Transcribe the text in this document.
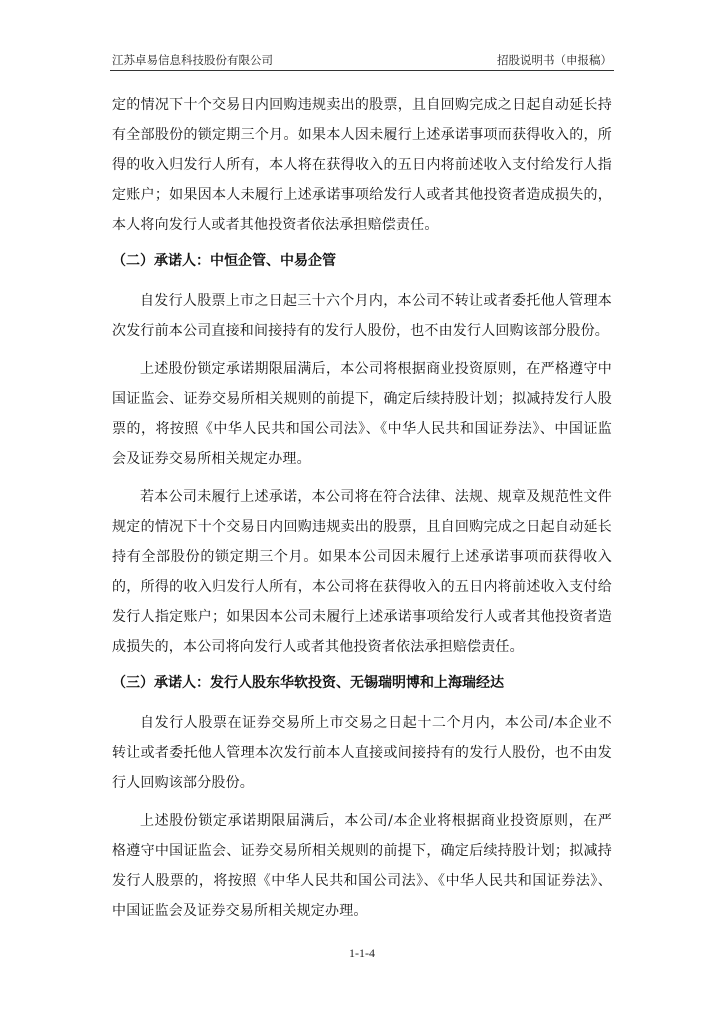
江苏卓易信息科技股份有限公司	招股说明书（申报稿）

定的情况下十个交易日内回购违规卖出的股票，且自回购完成之日起自动延长持有全部股份的锁定期三个月。如果本人因未履行上述承诺事项而获得收入的，所得的收入归发行人所有，本人将在获得收入的五日内将前述收入支付给发行人指定账户；如果因本人未履行上述承诺事项给发行人或者其他投资者造成损失的，本人将向发行人或者其他投资者依法承担赔偿责任。

（二）承诺人：中恒企管、中易企管

自发行人股票上市之日起三十六个月内，本公司不转让或者委托他人管理本次发行前本公司直接和间接持有的发行人股份，也不由发行人回购该部分股份。

上述股份锁定承诺期限届满后，本公司将根据商业投资原则，在严格遵守中国证监会、证券交易所相关规则的前提下，确定后续持股计划；拟减持发行人股票的，将按照《中华人民共和国公司法》、《中华人民共和国证券法》、中国证监会及证券交易所相关规定办理。

若本公司未履行上述承诺，本公司将在符合法律、法规、规章及规范性文件规定的情况下十个交易日内回购违规卖出的股票，且自回购完成之日起自动延长持有全部股份的锁定期三个月。如果本公司因未履行上述承诺事项而获得收入的，所得的收入归发行人所有，本公司将在获得收入的五日内将前述收入支付给发行人指定账户；如果因本公司未履行上述承诺事项给发行人或者其他投资者造成损失的，本公司将向发行人或者其他投资者依法承担赔偿责任。

（三）承诺人：发行人股东华软投资、无锡瑞明博和上海瑞经达

自发行人股票在证券交易所上市交易之日起十二个月内，本公司/本企业不转让或者委托他人管理本次发行前本人直接或间接持有的发行人股份，也不由发行人回购该部分股份。

上述股份锁定承诺期限届满后，本公司/本企业将根据商业投资原则，在严格遵守中国证监会、证券交易所相关规则的前提下，确定后续持股计划；拟减持发行人股票的，将按照《中华人民共和国公司法》、《中华人民共和国证券法》、中国证监会及证券交易所相关规定办理。

1-1-4
